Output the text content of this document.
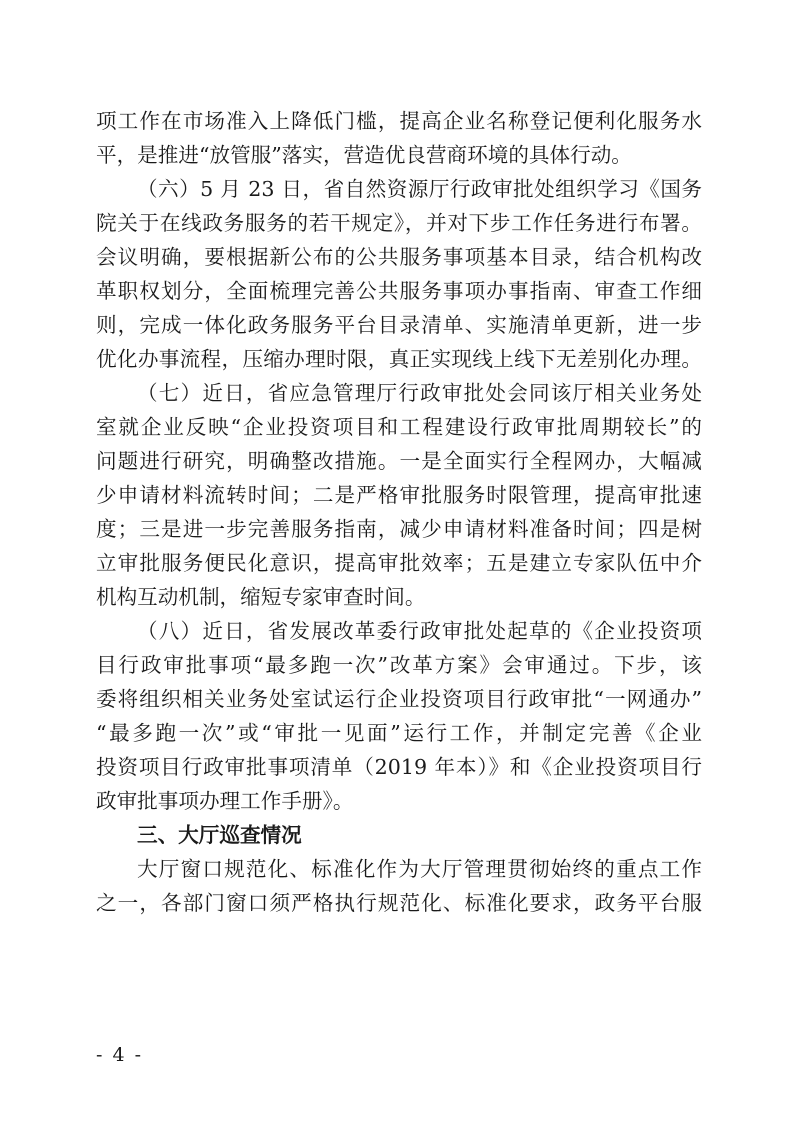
项工作在市场准入上降低门槛，提高企业名称登记便利化服务水
平，是推进“放管服”落实，营造优良营商环境的具体行动。
（六）5 月 23 日，省自然资源厅行政审批处组织学习《国务
院关于在线政务服务的若干规定》，并对下步工作任务进行布署。
会议明确，要根据新公布的公共服务事项基本目录，结合机构改
革职权划分，全面梳理完善公共服务事项办事指南、审查工作细
则，完成一体化政务服务平台目录清单、实施清单更新，进一步
优化办事流程，压缩办理时限，真正实现线上线下无差别化办理。
（七）近日，省应急管理厅行政审批处会同该厅相关业务处
室就企业反映“企业投资项目和工程建设行政审批周期较长”的
问题进行研究，明确整改措施。一是全面实行全程网办，大幅减
少申请材料流转时间；二是严格审批服务时限管理，提高审批速
度；三是进一步完善服务指南，减少申请材料准备时间；四是树
立审批服务便民化意识，提高审批效率；五是建立专家队伍中介
机构互动机制，缩短专家审查时间。
（八）近日，省发展改革委行政审批处起草的《企业投资项
目行政审批事项“最多跑一次”改革方案》会审通过。下步，该
委将组织相关业务处室试运行企业投资项目行政审批“一网通办”
“最多跑一次”或“审批一见面”运行工作，并制定完善《企业
投资项目行政审批事项清单（2019 年本）》和《企业投资项目行
政审批事项办理工作手册》。
三、大厅巡查情况
大厅窗口规范化、标准化作为大厅管理贯彻始终的重点工作
之一，各部门窗口须严格执行规范化、标准化要求，政务平台服
- 4 -
